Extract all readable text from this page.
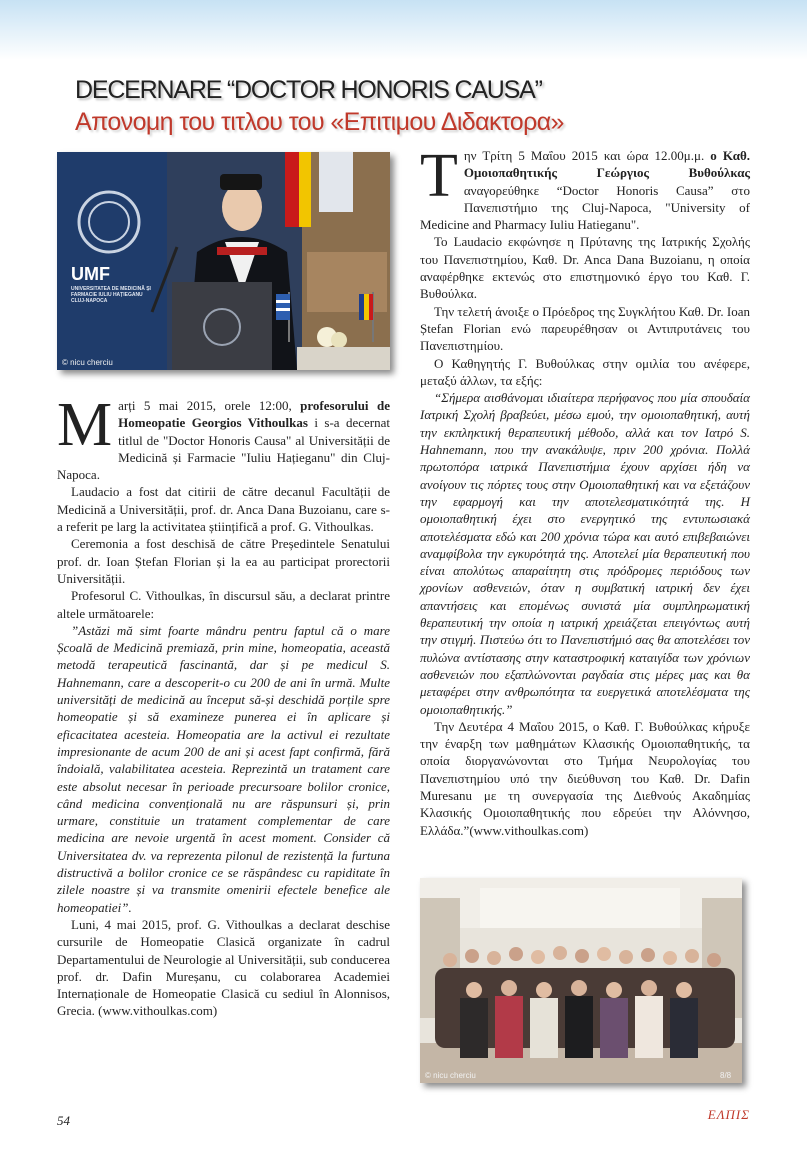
DECERNARE “DOCTOR HONORIS CAUSA”
Απονομη του τιτλου του «Επιτιμου Διδακτορα»
UMF
UNIVERSITATEA DE MEDICINĂ ȘI FARMACIE IULIU HAȚIEGANU CLUJ-NAPOCA
© nicu cherciu
© nicu cherciu	8/8

Marți 5 mai 2015, orele 12:00, profesorului de Homeopatie Georgios Vithoulkas i s-a decernat titlul de "Doctor Honoris Causa" al Universității de Medicină și Farmacie "Iuliu Hațieganu" din Cluj-Napoca.

Laudacio a fost dat citirii de către decanul Facultății de Medicină a Universității, prof. dr. Anca Dana Buzoianu, care s-a referit pe larg la activitatea științifică a prof. G. Vithoulkas.

Ceremonia a fost deschisă de către Președintele Senatului prof. dr. Ioan Ștefan Florian și la ea au participat prorectorii Universității.

Profesorul C. Vithoulkas, în discursul său, a declarat printre altele următoarele:

”Astăzi mă simt foarte mândru pentru faptul că o mare Școală de Medicină premiază, prin mine, homeopatia, această metodă terapeutică fascinantă, dar și pe medicul S. Hahnemann, care a descoperit-o cu 200 de ani în urmă. Multe universități de medicină au început să-și deschidă porțile spre homeopatie și să examineze punerea ei în aplicare și eficacitatea acesteia. Homeopatia are la activul ei rezultate impresionante de acum 200 de ani și acest fapt confirmă, fără îndoială, valabilitatea acesteia. Reprezintă un tratament care este absolut necesar în perioade precursoare bolilor cronice, când medicina convențională nu are răspunsuri și, prin urmare, constituie un tratament complementar de care medicina are nevoie urgentă în acest moment. Consider că Universitatea dv. va reprezenta pilonul de rezistență la furtuna distructivă a bolilor cronice ce se răspândesc cu rapiditate în zilele noastre și va transmite omenirii efectele benefice ale homeopatiei”.

Luni, 4 mai 2015, prof. G. Vithoulkas a declarat deschise cursurile de Homeopatie Clasică organizate în cadrul Departamentului de Neurologie al Universității, sub conducerea prof. dr. Dafin Mureșanu, cu colaborarea Academiei Internaționale de Homeopatie Clasică cu sediul în Alonnisos, Grecia. (www.vithoulkas.com)

Την Τρίτη 5 Μαΐου 2015 και ώρα 12.00μ.μ. ο Καθ. Ομοιοπαθητικής Γεώργιος Βυθούλκας αναγορεύθηκε “Doctor Honoris Causa” στο Πανεπιστήμιο της Cluj-Napoca, "University of Medicine and Pharmacy Iuliu Hatieganu".

Το Laudacio εκφώνησε η Πρύτανης της Ιατρικής Σχολής του Πανεπιστημίου, Καθ. Dr. Anca Dana Buzoianu, η οποία αναφέρθηκε εκτενώς στο επιστημονικό έργο του Καθ. Γ. Βυθούλκα.

Την τελετή άνοιξε ο Πρόεδρος της Συγκλήτου Καθ. Dr. Ioan Ștefan Florian ενώ παρευρέθησαν οι Αντιπρυτάνεις του Πανεπιστημίου.

Ο Καθηγητής Γ. Βυθούλκας στην ομιλία του ανέφερε, μεταξύ άλλων, τα εξής:

“Σήμερα αισθάνομαι ιδιαίτερα περήφανος που μία σπουδαία Ιατρική Σχολή βραβεύει, μέσω εμού, την ομοιοπαθητική, αυτή την εκπληκτική θεραπευτική μέθοδο, αλλά και τον Ιατρό S. Hahnemann, που την ανακάλυψε, πριν 200 χρόνια. Πολλά πρωτοπόρα ιατρικά Πανεπιστήμια έχουν αρχίσει ήδη να ανοίγουν τις πόρτες τους στην Ομοιοπαθητική και να εξετάζουν την εφαρμογή και την αποτελεσματικότητά της. Η ομοιοπαθητική έχει στο ενεργητικό της εντυπωσιακά αποτελέσματα εδώ και 200 χρόνια τώρα και αυτό επιβεβαιώνει αναμφίβολα την εγκυρότητά της. Αποτελεί μία θεραπευτική που είναι απολύτως απαραίτητη στις πρόδρομες περιόδους των χρονίων ασθενειών, όταν η συμβατική ιατρική δεν έχει απαντήσεις και επομένως συνιστά μία συμπληρωματική θεραπευτική την οποία η ιατρική χρειάζεται επειγόντως αυτή την στιγμή. Πιστεύω ότι το Πανεπιστήμιό σας θα αποτελέσει τον πυλώνα αντίστασης στην καταστροφική καταιγίδα των χρόνιων ασθενειών που εξαπλώνονται ραγδαία στις μέρες μας και θα μεταφέρει στην ανθρωπότητα τα ευεργετικά αποτελέσματα της ομοιοπαθητικής.”

Την Δευτέρα 4 Μαΐου 2015, ο Καθ. Γ. Βυθούλκας κήρυξε την έναρξη των μαθημάτων Κλασικής Ομοιοπαθητικής, τα οποία διοργανώνονται στο Τμήμα Νευρολογίας του Πανεπιστημίου υπό την διεύθυνση του Καθ. Dr. Dafin Muresanu με τη συνεργασία της Διεθνούς Ακαδημίας Κλασικής Ομοιοπαθητικής που εδρεύει την Αλόννησο, Ελλάδα.”(www.vithoulkas.com)

54	ΕΛΠΙΣ
